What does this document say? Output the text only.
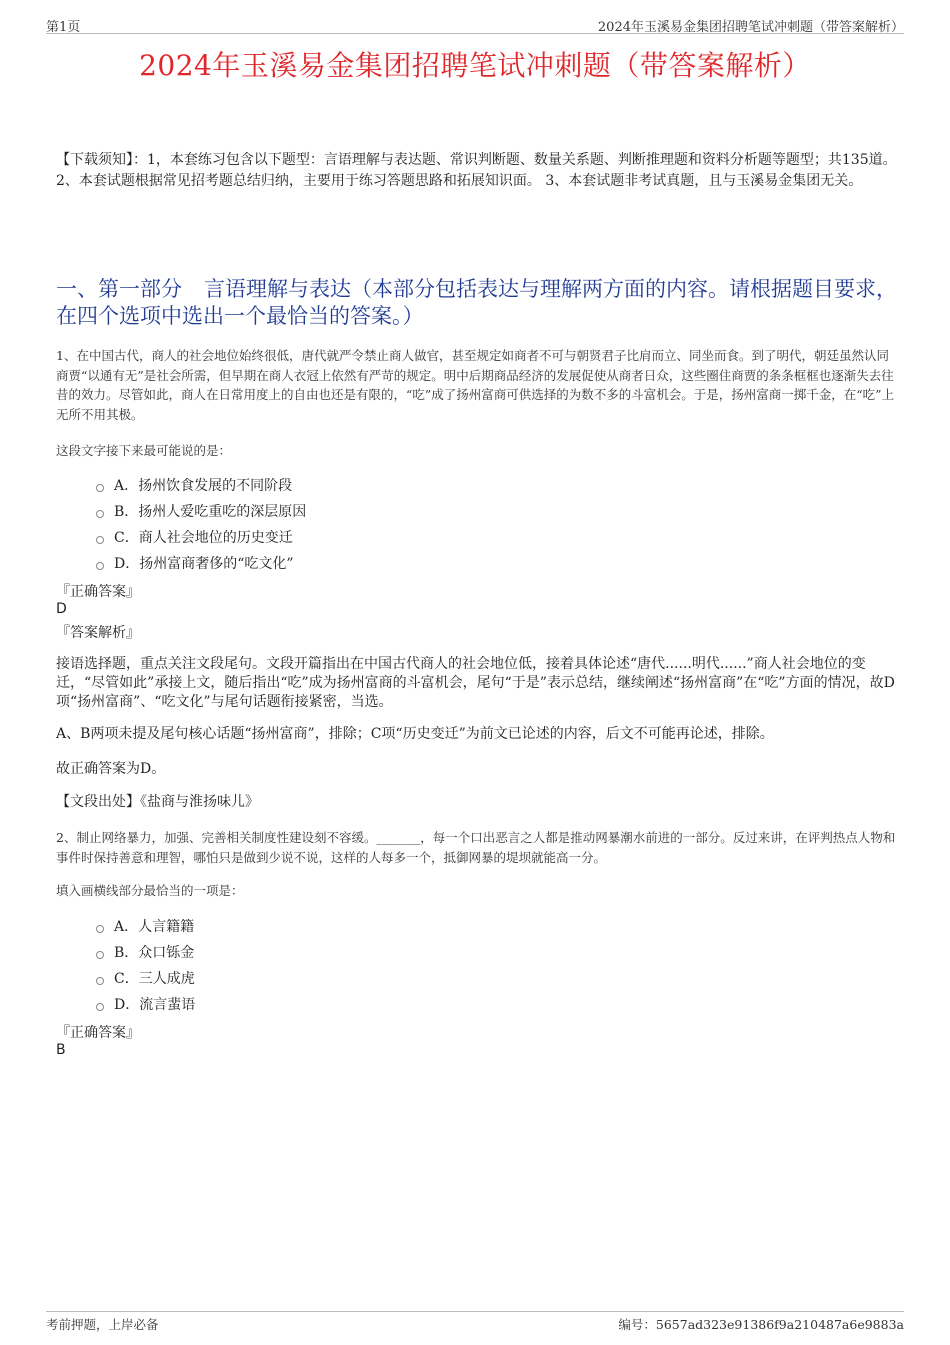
第1页	2024年玉溪易金集团招聘笔试冲刺题（带答案解析）
2024年玉溪易金集团招聘笔试冲刺题（带答案解析）
【下载须知】：1，本套练习包含以下题型：言语理解与表达题、常识判断题、数量关系题、判断推理题和资料分析题等题型；共135道。 2、本套试题根据常见招考题总结归纳，主要用于练习答题思路和拓展知识面。 3、本套试题非考试真题，且与玉溪易金集团无关。
一、第一部分 言语理解与表达（本部分包括表达与理解两方面的内容。请根据题目要求，在四个选项中选出一个最恰当的答案。）
1、在中国古代，商人的社会地位始终很低，唐代就严令禁止商人做官，甚至规定如商者不可与朝贤君子比肩而立、同坐而食。到了明代，朝廷虽然认同商贾“以通有无”是社会所需，但早期在商人衣冠上依然有严苛的规定。明中后期商品经济的发展促使从商者日众，这些圈住商贾的条条框框也逐渐失去往昔的效力。尽管如此，商人在日常用度上的自由也还是有限的，“吃”成了扬州富商可供选择的为数不多的斗富机会。于是，扬州富商一掷千金，在“吃”上无所不用其极。
这段文字接下来最可能说的是：
A．扬州饮食发展的不同阶段
B．扬州人爱吃重吃的深层原因
C．商人社会地位的历史变迁
D．扬州富商奢侈的“吃文化”
『正确答案』
D
『答案解析』
接语选择题，重点关注文段尾句。文段开篇指出在中国古代商人的社会地位低，接着具体论述“唐代......明代......”商人社会地位的变迁，“尽管如此”承接上文，随后指出“吃”成为扬州富商的斗富机会，尾句“于是”表示总结，继续阐述“扬州富商”在“吃”方面的情况，故D项“扬州富商”、“吃文化”与尾句话题衔接紧密，当选。
A、B两项未提及尾句核心话题“扬州富商”，排除；C项“历史变迁”为前文已论述的内容，后文不可能再论述，排除。
故正确答案为D。
【文段出处】《盐商与淮扬味儿》
2、制止网络暴力，加强、完善相关制度性建设刻不容缓。_______，每一个口出恶言之人都是推动网暴潮水前进的一部分。反过来讲，在评判热点人物和事件时保持善意和理智，哪怕只是做到少说不说，这样的人每多一个，抵御网暴的堤坝就能高一分。
填入画横线部分最恰当的一项是：
A．人言籍籍
B．众口铄金
C．三人成虎
D．流言蜚语
『正确答案』
B
考前押题，上岸必备	编号：5657ad323e91386f9a210487a6e9883a
